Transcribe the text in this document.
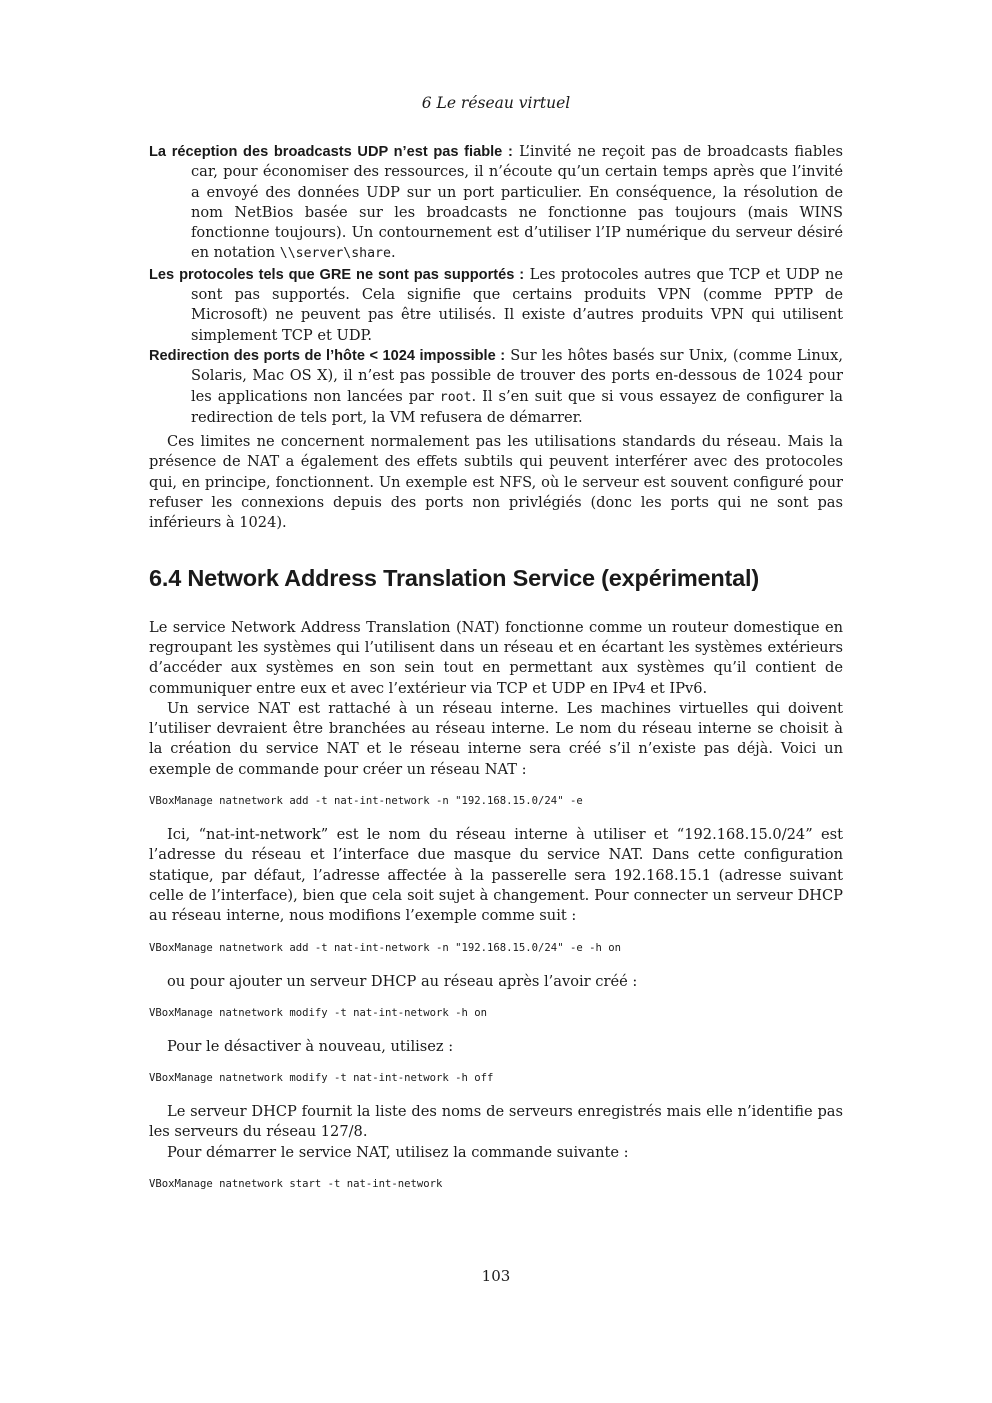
6 Le réseau virtuel

La réception des broadcasts UDP n’est pas fiable : L’invité ne reçoit pas de broadcasts fiables car, pour économiser des ressources, il n’écoute qu’un certain temps après que l’invité a envoyé des données UDP sur un port particulier. En conséquence, la résolution de nom NetBios basée sur les broadcasts ne fonctionne pas toujours (mais WINS fonctionne toujours). Un contournement est d’utiliser l’IP numérique du serveur désiré en notation \\server\share.

Les protocoles tels que GRE ne sont pas supportés : Les protocoles autres que TCP et UDP ne sont pas supportés. Cela signifie que certains produits VPN (comme PPTP de Microsoft) ne peuvent pas être utilisés. Il existe d’autres produits VPN qui utilisent simplement TCP et UDP.

Redirection des ports de l’hôte < 1024 impossible : Sur les hôtes basés sur Unix, (comme Linux, Solaris, Mac OS X), il n’est pas possible de trouver des ports en-dessous de 1024 pour les applications non lancées par root. Il s’en suit que si vous essayez de configurer la redirection de tels port, la VM refusera de démarrer.

Ces limites ne concernent normalement pas les utilisations standards du réseau. Mais la présence de NAT a également des effets subtils qui peuvent interférer avec des protocoles qui, en principe, fonctionnent. Un exemple est NFS, où le serveur est souvent configuré pour refuser les connexions depuis des ports non privlégiés (donc les ports qui ne sont pas inférieurs à 1024).

6.4 Network Address Translation Service (expérimental)

Le service Network Address Translation (NAT) fonctionne comme un routeur domestique en regroupant les systèmes qui l’utilisent dans un réseau et en écartant les systèmes extérieurs d’accéder aux systèmes en son sein tout en permettant aux systèmes qu’il contient de communiquer entre eux et avec l’extérieur via TCP et UDP en IPv4 et IPv6.

Un service NAT est rattaché à un réseau interne. Les machines virtuelles qui doivent l’utiliser devraient être branchées au réseau interne. Le nom du réseau interne se choisit à la création du service NAT et le réseau interne sera créé s’il n’existe pas déjà. Voici un exemple de commande pour créer un réseau NAT :

VBoxManage natnetwork add -t nat-int-network -n "192.168.15.0/24" -e

Ici, “nat-int-network” est le nom du réseau interne à utiliser et “192.168.15.0/24” est l’adresse du réseau et l’interface due masque du service NAT. Dans cette configuration statique, par défaut, l’adresse affectée à la passerelle sera 192.168.15.1 (adresse suivant celle de l’interface), bien que cela soit sujet à changement. Pour connecter un serveur DHCP au réseau interne, nous modifions l’exemple comme suit :

VBoxManage natnetwork add -t nat-int-network -n "192.168.15.0/24" -e -h on

ou pour ajouter un serveur DHCP au réseau après l’avoir créé :

VBoxManage natnetwork modify -t nat-int-network -h on

Pour le désactiver à nouveau, utilisez :

VBoxManage natnetwork modify -t nat-int-network -h off

Le serveur DHCP fournit la liste des noms de serveurs enregistrés mais elle n’identifie pas les serveurs du réseau 127/8.

Pour démarrer le service NAT, utilisez la commande suivante :

VBoxManage natnetwork start -t nat-int-network
103
